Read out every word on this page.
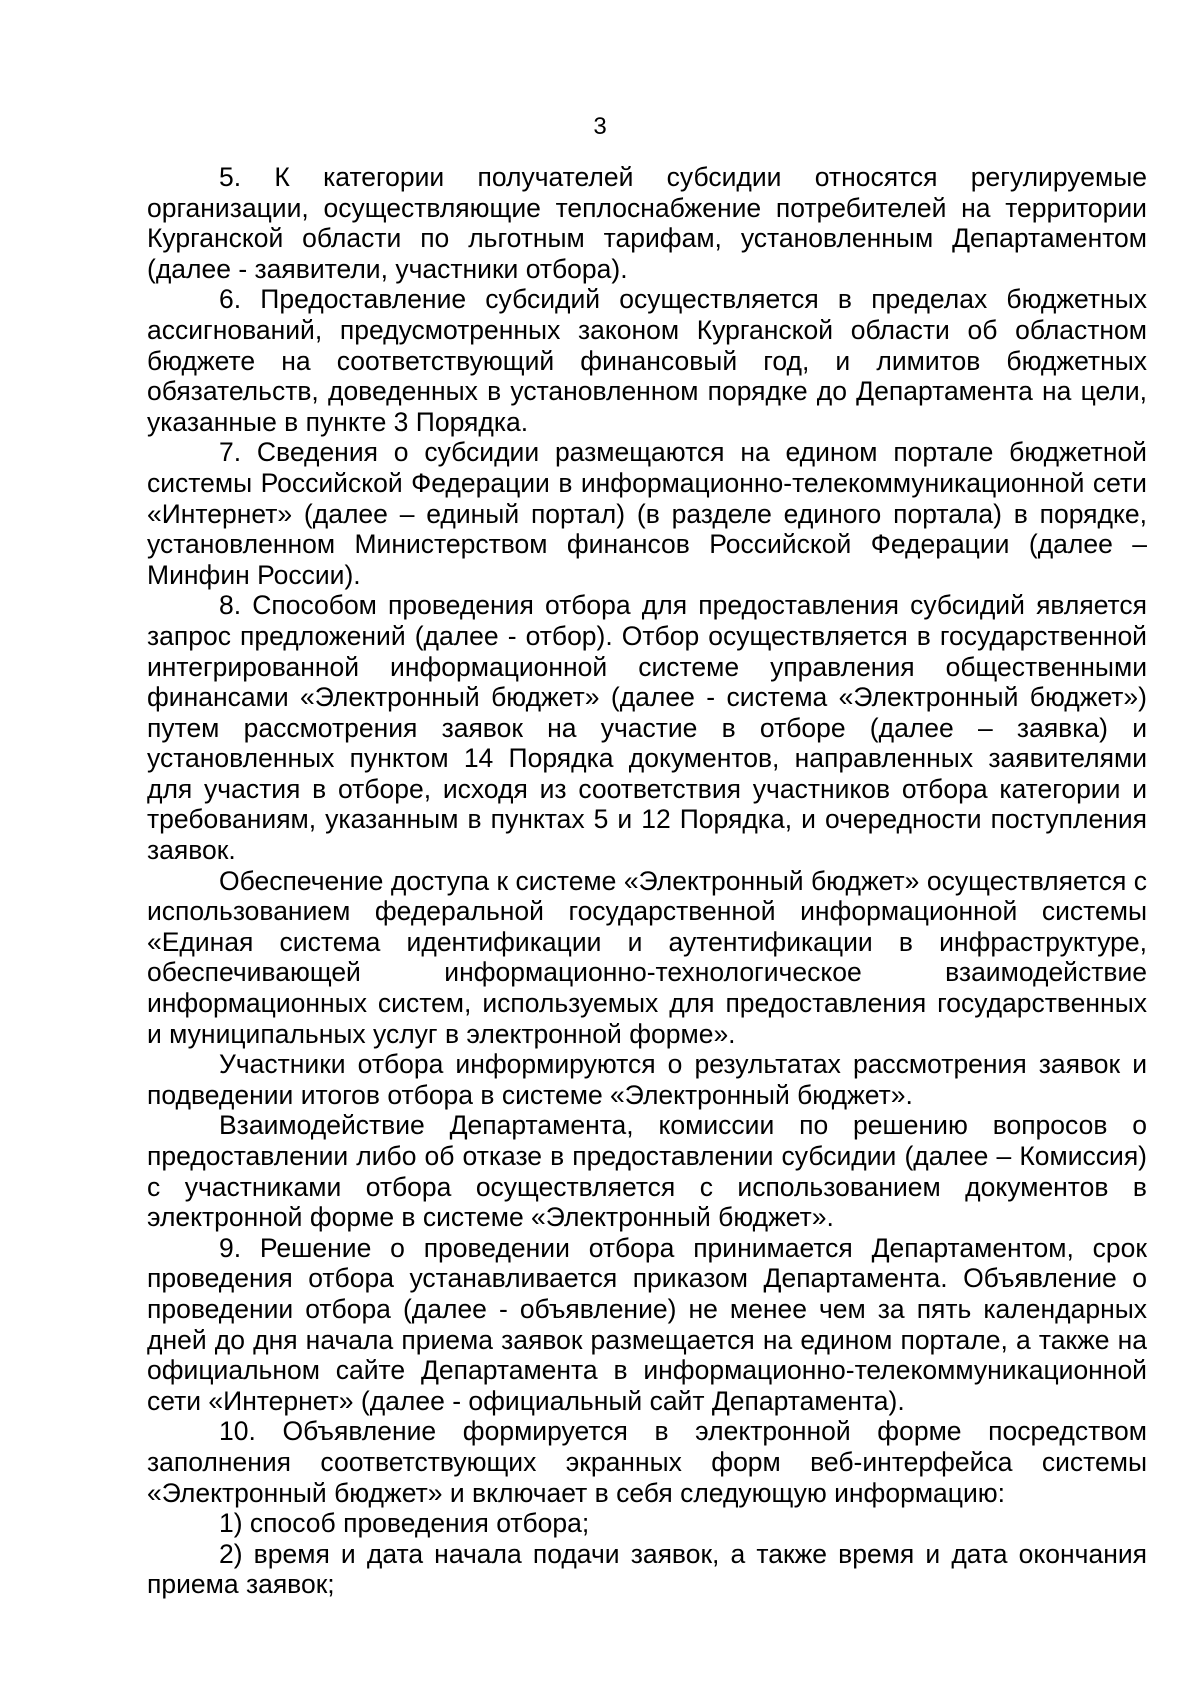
3

5. К категории получателей субсидии относятся регулируемые организации, осуществляющие теплоснабжение потребителей на территории Курганской области по льготным тарифам, установленным Департаментом (далее - заявители, участники отбора).

6. Предоставление субсидий осуществляется в пределах бюджетных ассигнований, предусмотренных законом Курганской области об областном бюджете на соответствующий финансовый год, и лимитов бюджетных обязательств, доведенных в установленном порядке до Департамента на цели, указанные в пункте 3 Порядка.

7. Сведения о субсидии размещаются на едином портале бюджетной системы Российской Федерации в информационно-телекоммуникационной сети «Интернет» (далее – единый портал) (в разделе единого портала) в порядке, установленном Министерством финансов Российской Федерации (далее – Минфин России).

8. Способом проведения отбора для предоставления субсидий является запрос предложений (далее - отбор). Отбор осуществляется в государственной интегрированной информационной системе управления общественными финансами «Электронный бюджет» (далее - система «Электронный бюджет») путем рассмотрения заявок на участие в отборе (далее – заявка) и установленных пунктом 14 Порядка документов, направленных заявителями для участия в отборе, исходя из соответствия участников отбора категории и требованиям, указанным в пунктах 5 и 12 Порядка, и очередности поступления заявок.

Обеспечение доступа к системе «Электронный бюджет» осуществляется с использованием федеральной государственной информационной системы «Единая система идентификации и аутентификации в инфраструктуре, обеспечивающей информационно-технологическое взаимодействие информационных систем, используемых для предоставления государственных и муниципальных услуг в электронной форме».

Участники отбора информируются о результатах рассмотрения заявок и подведении итогов отбора в системе «Электронный бюджет».

Взаимодействие Департамента, комиссии по решению вопросов о предоставлении либо об отказе в предоставлении субсидии (далее – Комиссия) с участниками отбора осуществляется с использованием документов в электронной форме в системе «Электронный бюджет».

9. Решение о проведении отбора принимается Департаментом, срок проведения отбора устанавливается приказом Департамента. Объявление о проведении отбора (далее - объявление) не менее чем за пять календарных дней до дня начала приема заявок размещается на едином портале, а также на официальном сайте Департамента в информационно-телекоммуникационной сети «Интернет» (далее - официальный сайт Департамента).

10. Объявление формируется в электронной форме посредством заполнения соответствующих экранных форм веб-интерфейса системы «Электронный бюджет» и включает в себя следующую информацию:

1) способ проведения отбора;

2) время и дата начала подачи заявок, а также время и дата окончания приема заявок;
